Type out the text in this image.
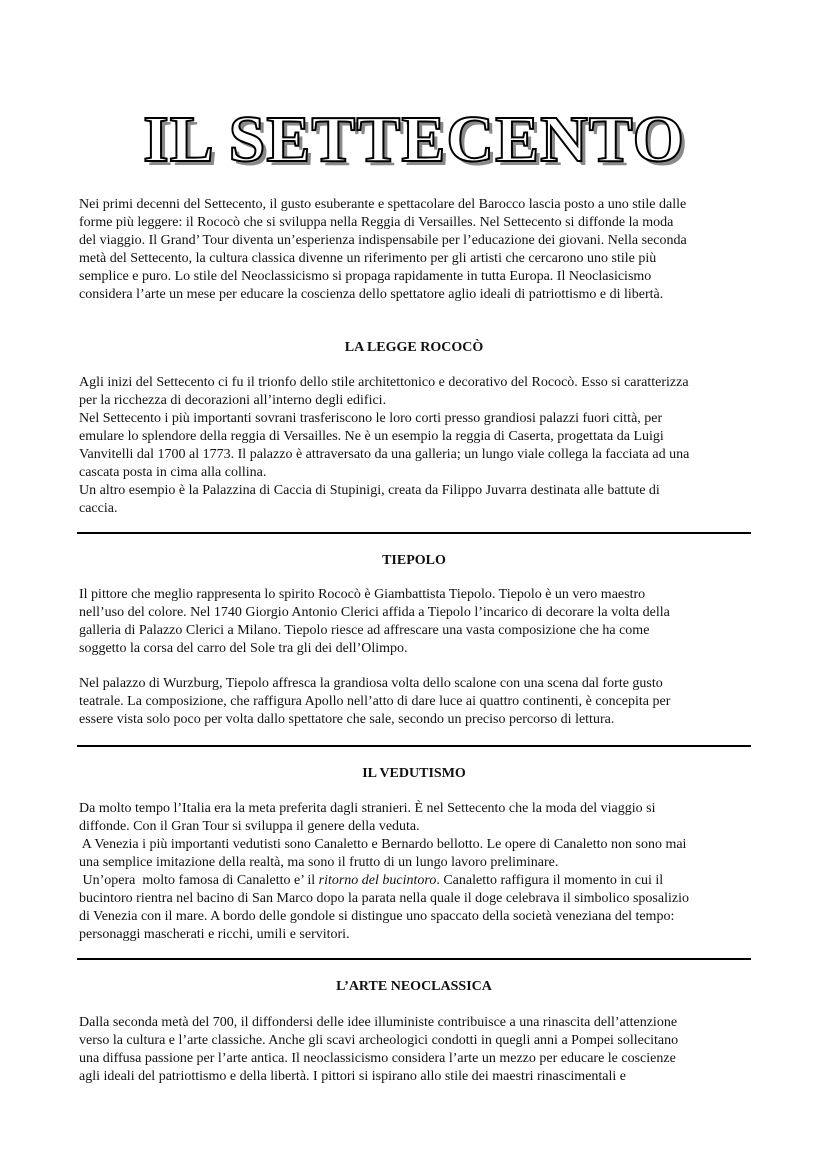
IL SETTECENTO

Nei primi decenni del Settecento, il gusto esuberante e spettacolare del Barocco lascia posto a uno stile dalle

forme più leggere: il Rococò che si sviluppa nella Reggia di Versailles. Nel Settecento si diffonde la moda

del viaggio. Il Grand’ Tour diventa un’esperienza indispensabile per l’educazione dei giovani. Nella seconda

metà del Settecento, la cultura classica divenne un riferimento per gli artisti che cercarono uno stile più

semplice e puro. Lo stile del Neoclassicismo si propaga rapidamente in tutta Europa. Il Neoclasicismo

considera l’arte un mese per educare la coscienza dello spettatore aglio ideali di patriottismo e di libertà.

LA LEGGE ROCOCÒ

Agli inizi del Settecento ci fu il trionfo dello stile architettonico e decorativo del Rococò. Esso si caratterizza

per la ricchezza di decorazioni all’interno degli edifici.

Nel Settecento i più importanti sovrani trasferiscono le loro corti presso grandiosi palazzi fuori città, per

emulare lo splendore della reggia di Versailles. Ne è un esempio la reggia di Caserta, progettata da Luigi

Vanvitelli dal 1700 al 1773. Il palazzo è attraversato da una galleria; un lungo viale collega la facciata ad una

cascata posta in cima alla collina.

Un altro esempio è la Palazzina di Caccia di Stupinigi, creata da Filippo Juvarra destinata alle battute di

caccia.

TIEPOLO

Il pittore che meglio rappresenta lo spirito Rococò è Giambattista Tiepolo. Tiepolo è un vero maestro

nell’uso del colore. Nel 1740 Giorgio Antonio Clerici affida a Tiepolo l’incarico di decorare la volta della

galleria di Palazzo Clerici a Milano. Tiepolo riesce ad affrescare una vasta composizione che ha come

soggetto la corsa del carro del Sole tra gli dei dell’Olimpo.

Nel palazzo di Wurzburg, Tiepolo affresca la grandiosa volta dello scalone con una scena dal forte gusto

teatrale. La composizione, che raffigura Apollo nell’atto di dare luce ai quattro continenti, è concepita per

essere vista solo poco per volta dallo spettatore che sale, secondo un preciso percorso di lettura.

IL VEDUTISMO

Da molto tempo l’Italia era la meta preferita dagli stranieri. È nel Settecento che la moda del viaggio si

diffonde. Con il Gran Tour si sviluppa il genere della veduta.

A Venezia i più importanti vedutisti sono Canaletto e Bernardo bellotto. Le opere di Canaletto non sono mai

una semplice imitazione della realtà, ma sono il frutto di un lungo lavoro preliminare.

Un’opera  molto famosa di Canaletto e’ il ritorno del bucintoro. Canaletto raffigura il momento in cui il

bucintoro rientra nel bacino di San Marco dopo la parata nella quale il doge celebrava il simbolico sposalizio

di Venezia con il mare. A bordo delle gondole si distingue uno spaccato della società veneziana del tempo:

personaggi mascherati e ricchi, umili e servitori.

L’ARTE NEOCLASSICA

Dalla seconda metà del 700, il diffondersi delle idee illuministe contribuisce a una rinascita dell’attenzione

verso la cultura e l’arte classiche. Anche gli scavi archeologici condotti in quegli anni a Pompei sollecitano

una diffusa passione per l’arte antica. Il neoclassicismo considera l’arte un mezzo per educare le coscienze

agli ideali del patriottismo e della libertà. I pittori si ispirano allo stile dei maestri rinascimentali e
